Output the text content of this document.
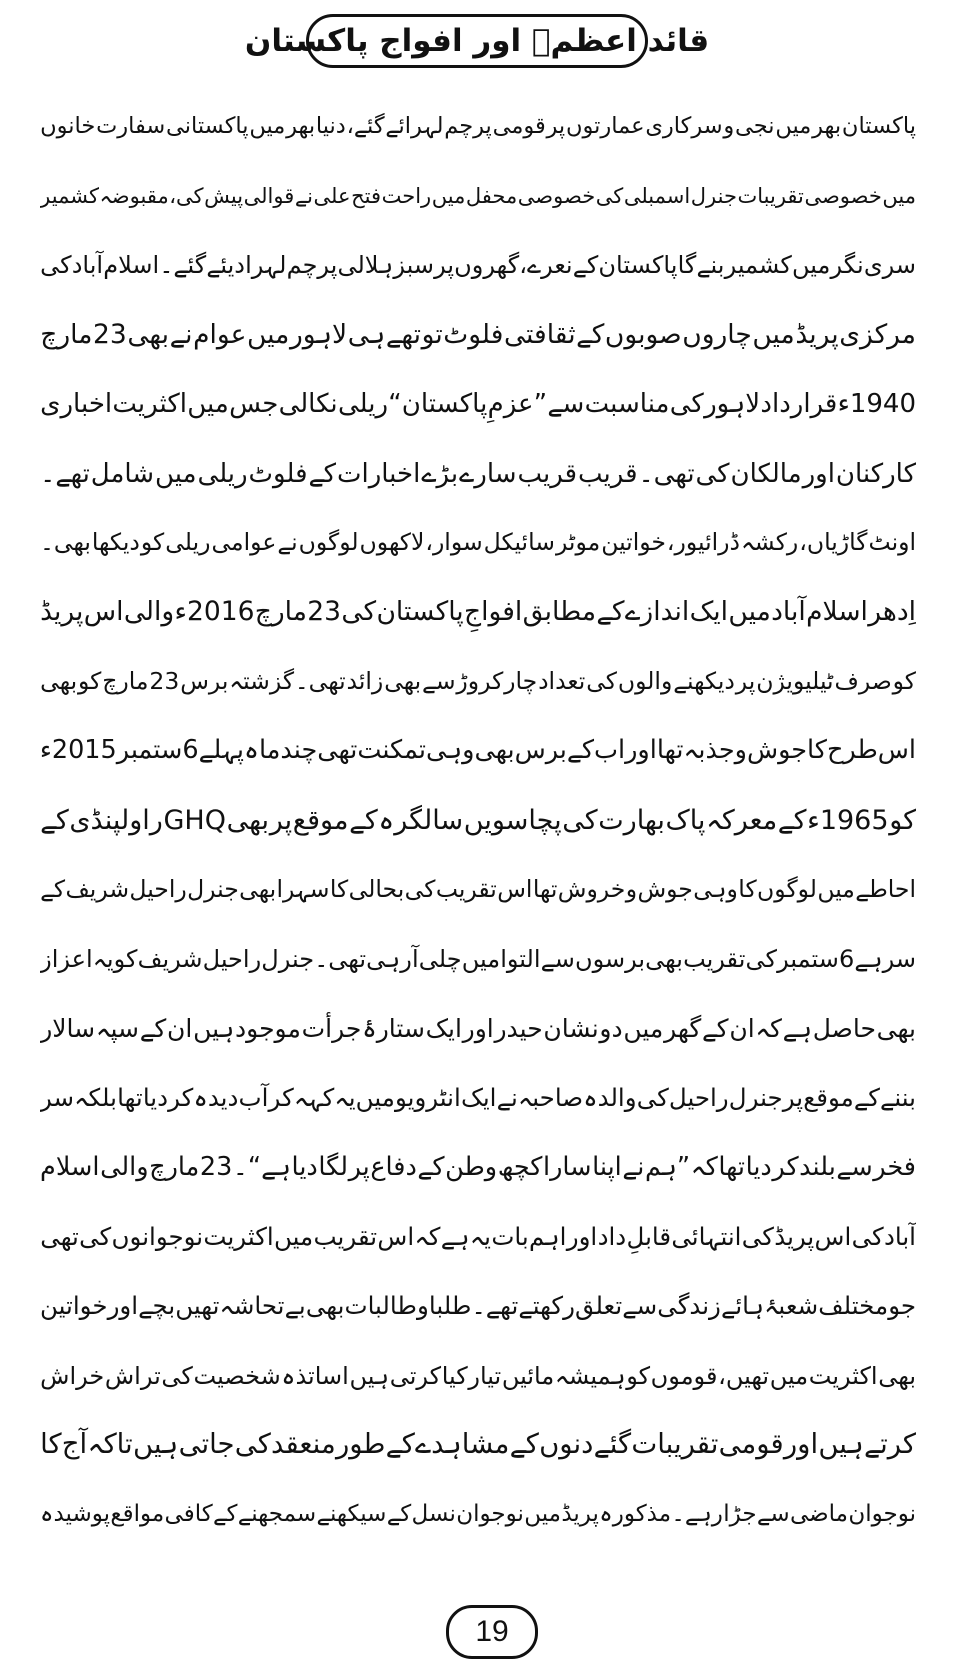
قائد اعظمؒ اور افواج پاکستان
پاکستان
بھر
میں
نجی
و
سرکاری
عمارتوں
پر
قومی
پرچم
لہرائے
گئے،
دنیا
بھر
میں
پاکستانی
سفارت
خانوں
میں
خصوصی
تقریبات
جنرل
اسمبلی
کی
خصوصی
محفل
میں
راحت
فتح
علی
نے
قوالی
پیش
کی،
مقبوضہ
کشمیر
سری
نگر
میں
کشمیر
بنے
گا
پاکستان
کے
نعرے،
گھروں
پر
سبز
ہلالی
پرچم
لہرا
دیئے
گئے۔
اسلام
آباد
کی
مرکزی
پریڈ
میں
چاروں
صوبوں
کے
ثقافتی
فلوٹ
تو
تھے
ہی
لاہور
میں
عوام
نے
بھی
23
مارچ
1940ء
قرارداد
لاہور
کی
مناسبت
سے
”عزمِ
پاکستان“
ریلی
نکالی
جس
میں
اکثریت
اخباری
کارکنان
اور
مالکان
کی
تھی۔
قریب
قریب
سارے
بڑے
اخبارات
کے
فلوٹ
ریلی
میں
شامل
تھے۔
اونٹ
گاڑیاں،
رکشہ
ڈرائیور،
خواتین
موٹر
سائیکل
سوار،
لاکھوں
لوگوں
نے
عوامی
ریلی
کو
دیکھا
بھی۔
اِدھر
اسلام
آباد
میں
ایک
اندازے
کے
مطابق
افواجِ
پاکستان
کی
23
مارچ
2016ء
والی
اس
پریڈ
کو
صرف
ٹیلیویژن
پر
دیکھنے
والوں
کی
تعداد
چار
کروڑ
سے
بھی
زائد
تھی۔
گزشتہ
برس
23
مارچ
کو
بھی
اس
طرح
کا
جوش
و
جذبہ
تھا
اور
اب
کے
برس
بھی
وہی
تمکنت
تھی
چند
ماہ
پہلے
6
ستمبر
2015ء
کو
1965ء
کے
معرکہ
پاک
بھارت
کی
پچاسویں
سالگرہ
کے
موقع
پر
بھی
GHQ
راولپنڈی
کے
احاطے
میں
لوگوں
کا
وہی
جوش
و
خروش
تھا
اس
تقریب
کی
بحالی
کا
سہرا
بھی
جنرل
راحیل
شریف
کے
سر
ہے
6
ستمبر
کی
تقریب
بھی
برسوں
سے
التوا
میں
چلی
آ
رہی
تھی۔
جنرل
راحیل
شریف
کو
یہ
اعزاز
بھی
حاصل
ہے
کہ
ان
کے
گھر
میں
دو
نشان
حیدر
اور
ایک
ستارۂ
جرأت
موجود
ہیں
ان
کے
سپہ
سالار
بننے
کے
موقع
پر
جنرل
راحیل
کی
والدہ
صاحبہ
نے
ایک
انٹرویو
میں
یہ
کہہ
کر
آب
دیدہ
کر
دیا
تھا
بلکہ
سر
فخر
سے
بلند
کر
دیا
تھا
کہ
”ہم
نے
اپنا
سارا
کچھ
وطن
کے
دفاع
پر
لگا
دیا
ہے“۔
23
مارچ
والی
اسلام
آباد
کی
اس
پریڈ
کی
انتہائی
قابلِ
داد
اور
اہم
بات
یہ
ہے
کہ
اس
تقریب
میں
اکثریت
نوجوانوں
کی
تھی
جو
مختلف
شعبۂ
ہائے
زندگی
سے
تعلق
رکھتے
تھے۔
طلبا
و
طالبات
بھی
بے
تحاشہ
تھیں
بچے
اور
خواتین
بھی
اکثریت
میں
تھیں،
قوموں
کو
ہمیشہ
مائیں
تیار
کیا
کرتی
ہیں
اساتذہ
شخصیت
کی
تراش
خراش
کرتے
ہیں
اور
قومی
تقریبات
گئے
دنوں
کے
مشاہدے
کے
طور
منعقد
کی
جاتی
ہیں
تاکہ
آج
کا
نوجوان
ماضی
سے
جڑا
رہے۔
مذکورہ
پریڈ
میں
نوجوان
نسل
کے
سیکھنے
سمجھنے
کے
کافی
مواقع
پوشیدہ
19
